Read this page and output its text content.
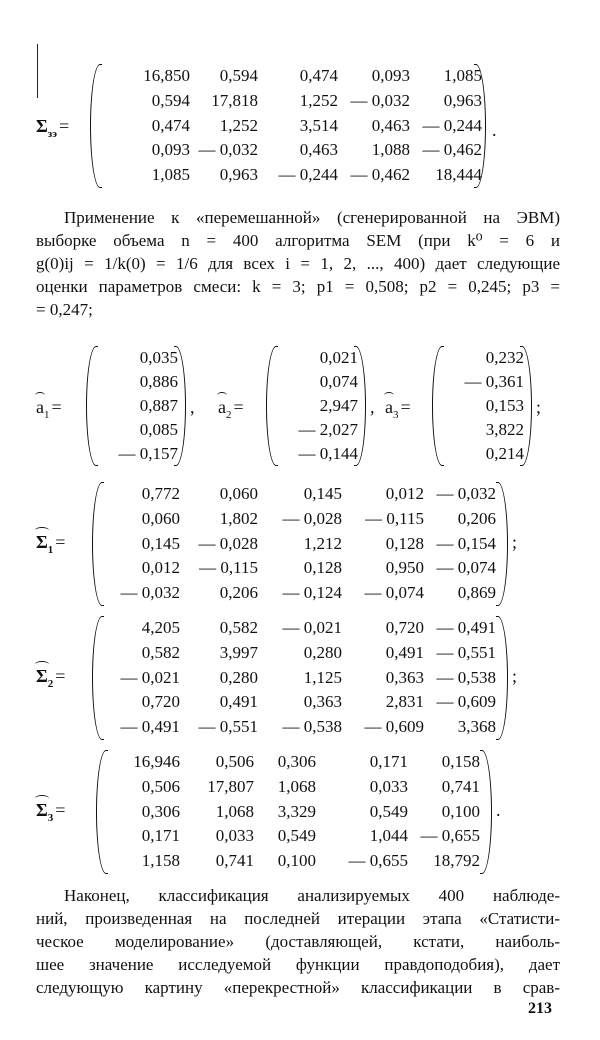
$\Sigma_{зэ}$ =
16,850 0,594 0,474 0,093 1,085
0,594 17,818 1,252 — 0,032 0,963
0,474 1,252 3,514 0,463 — 0,244
0,093 — 0,032 0,463 1,088 — 0,462
1,085 0,963 — 0,244 — 0,462 18,444
.
Применение к «перемешанной» (сгенерированной на ЭВМ)
выборке объема n = 400 алгоритма SEM (при k⁰ = 6 и
g(0)ij = 1/k(0) = 1/6 для всех i = 1, 2, ..., 400) дает следующие
оценки параметров смеси: k = 3; p1 = 0,508; p2 = 0,245; p3 =
= 0,247;
$a_1$ =
0,035
0,886
0,887
0,085
— 0,157
, $a_2$ =
0,021
0,074
2,947
— 2,027
— 0,144
, $a_3$ =
0,232
— 0,361
0,153
3,822
0,214
;
$\Sigma_1$ =
0,772 0,060	0,145	0,012 — 0,032
0,060 1,802 — 0,028 — 0,115 0,206
0,145 — 0,028	1,212	0,128 — 0,154
0,012 — 0,115	0,128	0,950 — 0,074
— 0,032 0,206 — 0,124 — 0,074 0,869
;
$\Sigma_2$ =
4,205 0,582 — 0,021	0,720 — 0,491
0,582 3,997	0,280	0,491 — 0,551
— 0,021 0,280	1,125	0,363 — 0,538
0,720 0,491	0,363	2,831 — 0,609
— 0,491 — 0,551 — 0,538 — 0,609 3,368
;
$\Sigma_3$ =
16,946 0,506 0,306	0,171 0,158
0,506 17,807 1,068	0,033 0,741
0,306 1,068 3,329	0,549 0,100
0,171 0,033 0,549	1,044 — 0,655
1,158 0,741 0,100 — 0,655 18,792
.
Наконец, классификация анализируемых 400 наблюде-
ний, произведенная на последней итерации этапа «Статисти-
ческое моделирование» (доставляющей, кстати, наиболь-
шее значение исследуемой функции правдоподобия), дает
следующую картину «перекрестной» классификации в срав-
213
